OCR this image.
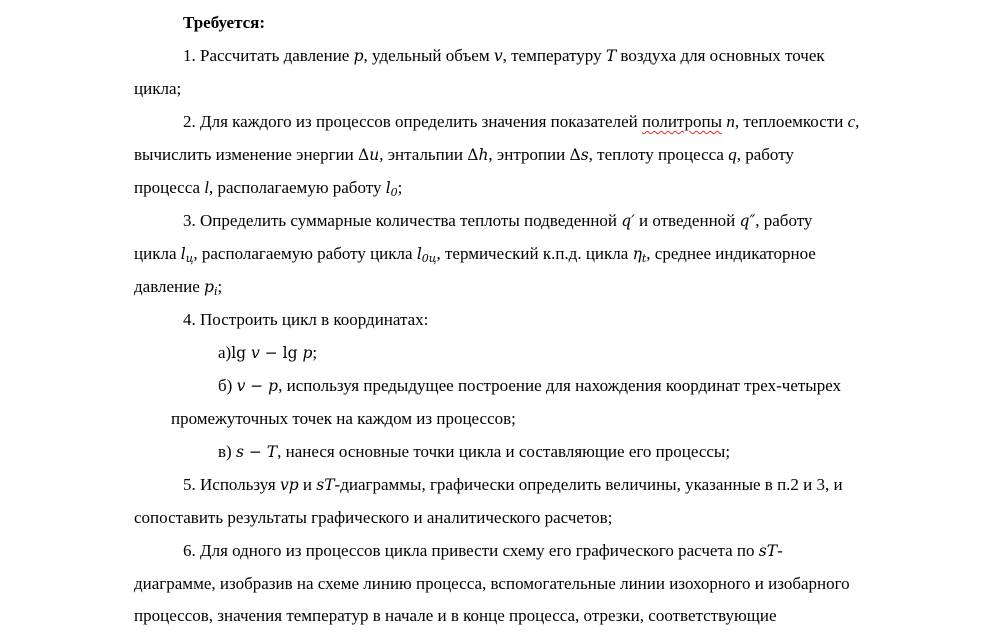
Требуется:
1. Рассчитать давление p, удельный объем v, температуру T воздуха для основных точек
цикла;
2. Для каждого из процессов определить значения показателей политропы n, теплоемкости c,
вычислить изменение энергии Δu, энтальпии Δh, энтропии Δs, теплоту процесса q, работу
процесса l, располагаемую работу $l_0$;
3. Определить суммарные количества теплоты подведенной q′ и отведенной q″, работу
цикла $l_ц$, располагаемую работу цикла $l_{0ц}$, термический к.п.д. цикла $\eta_t$, среднее индикаторное
давление $p_i$;
4. Построить цикл в координатах:
а)lg v − lg p;
б) v − p, используя предыдущее построение для нахождения координат трех-четырех
промежуточных точек на каждом из процессов;
в) s − T, нанеся основные точки цикла и составляющие его процессы;
5. Используя vp и sT-диаграммы, графически определить величины, указанные в п.2 и 3, и
сопоставить результаты графического и аналитического расчетов;
6. Для одного из процессов цикла привести схему его графического расчета по sT-
диаграмме, изобразив на схеме линию процесса, вспомогательные линии изохорного и изобарного
процессов, значения температур в начале и в конце процесса, отрезки, соответствующие
